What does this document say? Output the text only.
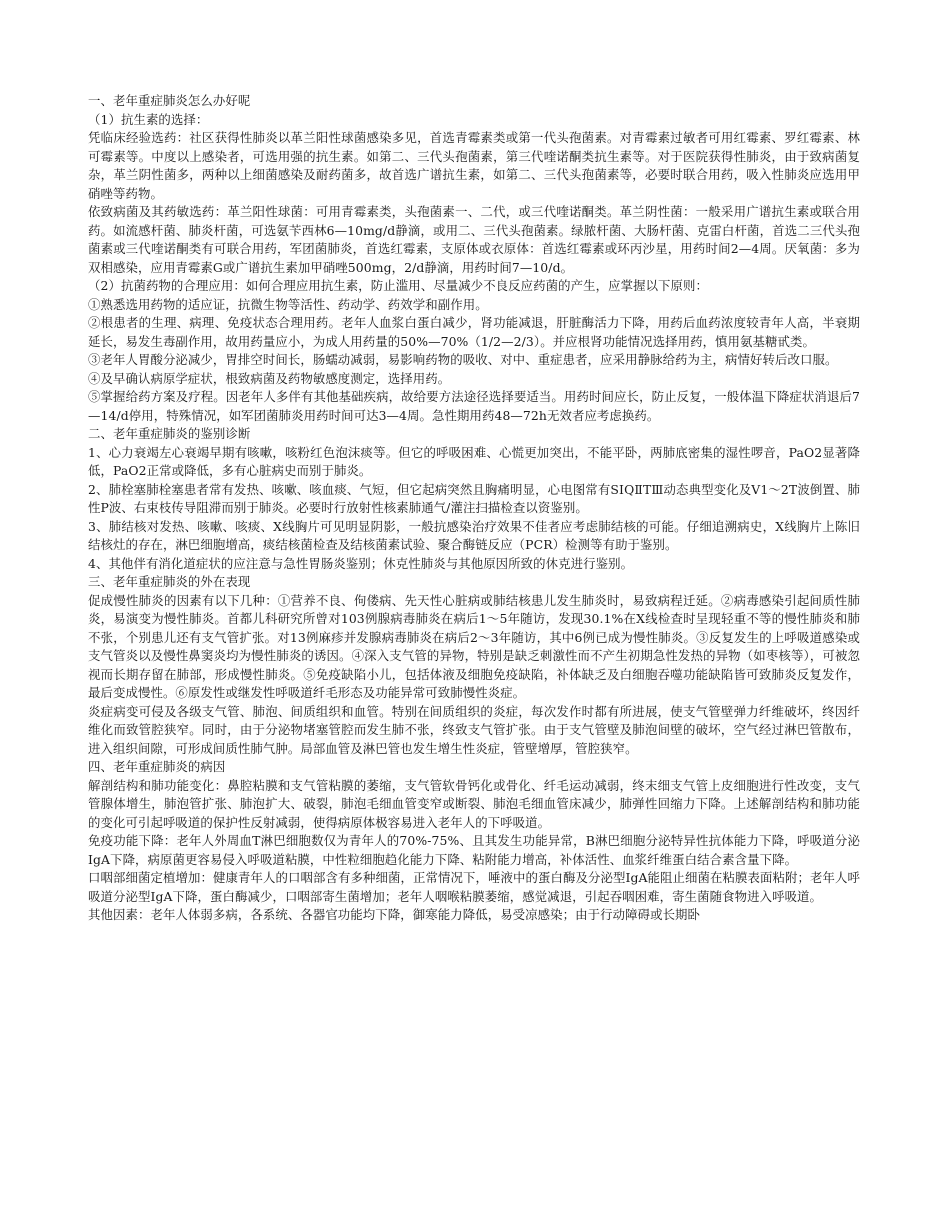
一、老年重症肺炎怎么办好呢

（1）抗生素的选择：

凭临床经验选药：社区获得性肺炎以革兰阳性球菌感染多见，首选青霉素类或第一代头孢菌素。对青霉素过敏者可用红霉素、罗红霉素、林可霉素等。中度以上感染者，可选用强的抗生素。如第二、三代头孢菌素，第三代喹诺酮类抗生素等。对于医院获得性肺炎，由于致病菌复杂，革兰阴性菌多，两种以上细菌感染及耐药菌多，故首选广谱抗生素，如第二、三代头孢菌素等，必要时联合用药，吸入性肺炎应选用甲硝唑等药物。

依致病菌及其药敏选药：革兰阳性球菌：可用青霉素类，头孢菌素一、二代，或三代喹诺酮类。革兰阴性菌：一般采用广谱抗生素或联合用药。如流感杆菌、肺炎杆菌，可选氨苄西林6—10mg/d静滴，或用二、三代头孢菌素。绿脓杆菌、大肠杆菌、克雷白杆菌，首选二三代头孢菌素或三代喹诺酮类有可联合用药，军团菌肺炎，首选红霉素，支原体或衣原体：首选红霉素或环丙沙星，用药时间2—4周。厌氧菌：多为双相感染，应用青霉素G或广谱抗生素加甲硝唑500mg，2/d静滴，用药时间7—10/d。

（2）抗菌药物的合理应用：如何合理应用抗生素，防止滥用、尽量减少不良反应药菌的产生，应掌握以下原则：

①熟悉选用药物的适应证，抗微生物等活性、药动学、药效学和副作用。

②根患者的生理、病理、免疫状态合理用药。老年人血浆白蛋白减少，肾功能减退，肝脏酶活力下降，用药后血药浓度较青年人高，半衰期延长，易发生毒副作用，故用药量应小，为成人用药量的50%—70%（1/2—2/3）。并应根肾功能情况选择用药，慎用氨基糖甙类。

③老年人胃酸分泌减少，胃排空时间长，肠蠕动减弱，易影响药物的吸收、对中、重症患者，应采用静脉给药为主，病情好转后改口服。

④及早确认病原学症状，根致病菌及药物敏感度测定，选择用药。

⑤掌握给药方案及疗程。因老年人多伴有其他基础疾病，故给要方法途径选择要适当。用药时间应长，防止反复，一般体温下降症状消退后7—14/d停用，特殊情况，如军团菌肺炎用药时间可达3—4周。急性期用药48—72h无效者应考虑换药。

二、老年重症肺炎的鉴别诊断

1、心力衰竭左心衰竭早期有咳嗽，咳粉红色泡沫痰等。但它的呼吸困难、心慌更加突出，不能平卧，两肺底密集的湿性啰音，PaO2显著降低，PaO2正常或降低，多有心脏病史而别于肺炎。

2、肺栓塞肺栓塞患者常有发热、咳嗽、咳血痰、气短，但它起病突然且胸痛明显，心电图常有SⅠQⅡTⅢ动态典型变化及V1～2T波倒置、肺性P波、右束枝传导阻滞而别于肺炎。必要时行放射性核素肺通气/灌注扫描检查以资鉴别。

3、肺结核对发热、咳嗽、咳痰、X线胸片可见明显阴影，一般抗感染治疗效果不佳者应考虑肺结核的可能。仔细追溯病史，X线胸片上陈旧结核灶的存在，淋巴细胞增高，痰结核菌检查及结核菌素试验、聚合酶链反应（PCR）检测等有助于鉴别。

4、其他伴有消化道症状的应注意与急性胃肠炎鉴别；休克性肺炎与其他原因所致的休克进行鉴别。

三、老年重症肺炎的外在表现

促成慢性肺炎的因素有以下几种：①营养不良、佝偻病、先天性心脏病或肺结核患儿发生肺炎时，易致病程迁延。②病毒感染引起间质性肺炎，易演变为慢性肺炎。首都儿科研究所曾对103例腺病毒肺炎在病后1～5年随访，发现30.1%在X线检查时呈现轻重不等的慢性肺炎和肺不张，个别患儿还有支气管扩张。对13例麻疹并发腺病毒肺炎在病后2～3年随访，其中6例已成为慢性肺炎。③反复发生的上呼吸道感染或支气管炎以及慢性鼻窦炎均为慢性肺炎的诱因。④深入支气管的异物，特别是缺乏刺激性而不产生初期急性发热的异物（如枣核等），可被忽视而长期存留在肺部，形成慢性肺炎。⑤免疫缺陷小儿，包括体液及细胞免疫缺陷，补体缺乏及白细胞吞噬功能缺陷皆可致肺炎反复发作，最后变成慢性。⑥原发性或继发性呼吸道纤毛形态及功能异常可致肺慢性炎症。

炎症病变可侵及各级支气管、肺泡、间质组织和血管。特别在间质组织的炎症，每次发作时都有所进展，使支气管壁弹力纤维破坏，终因纤维化而致管腔狭窄。同时，由于分泌物堵塞管腔而发生肺不张，终致支气管扩张。由于支气管壁及肺泡间壁的破坏，空气经过淋巴管散布，进入组织间隙，可形成间质性肺气肿。局部血管及淋巴管也发生增生性炎症，管壁增厚，管腔狭窄。

四、老年重症肺炎的病因

解剖结构和肺功能变化：鼻腔粘膜和支气管粘膜的萎缩，支气管软骨钙化或骨化、纤毛运动减弱，终末细支气管上皮细胞进行性改变，支气管腺体增生，肺泡管扩张、肺泡扩大、破裂，肺泡毛细血管变窄或断裂、肺泡毛细血管床减少，肺弹性回缩力下降。上述解剖结构和肺功能的变化可引起呼吸道的保护性反射减弱，使得病原体极容易进入老年人的下呼吸道。

免疫功能下降：老年人外周血T淋巴细胞数仅为青年人的70%-75%、且其发生功能异常，B淋巴细胞分泌特异性抗体能力下降，呼吸道分泌IgA下降，病原菌更容易侵入呼吸道粘膜，中性粒细胞趋化能力下降、粘附能力增高，补体活性、血浆纤维蛋白结合素含量下降。

口咽部细菌定植增加：健康青年人的口咽部含有多种细菌，正常情况下，唾液中的蛋白酶及分泌型IgA能阻止细菌在粘膜表面粘附；老年人呼吸道分泌型IgA下降，蛋白酶减少，口咽部寄生菌增加；老年人咽喉粘膜萎缩，感觉减退，引起吞咽困难，寄生菌随食物进入呼吸道。

其他因素：老年人体弱多病，各系统、各器官功能均下降，御寒能力降低，易受凉感染；由于行动障碍或长期卧
